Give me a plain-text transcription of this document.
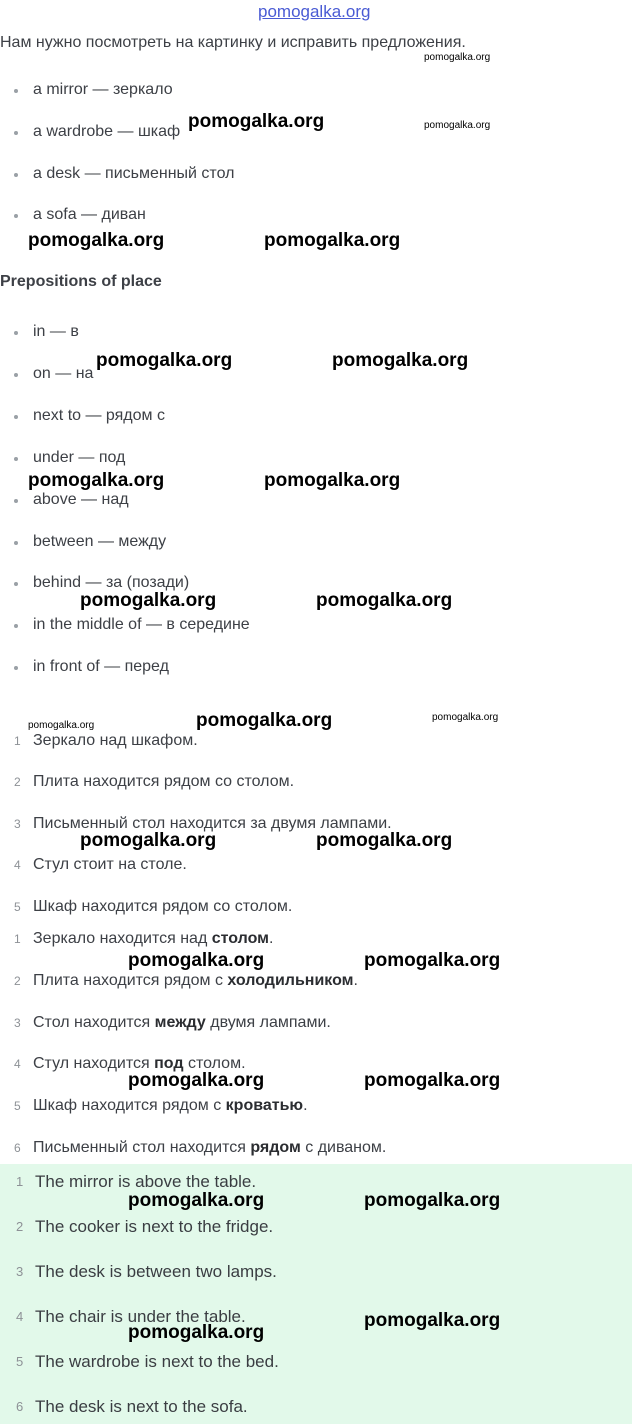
pomogalka.org
Нам нужно посмотреть на картинку и исправить предложения.
a mirror — зеркало
a wardrobe — шкаф
a desk — письменный стол
a sofa — диван
Prepositions of place
in — в
on — на
next to — рядом с
under — под
above — над
between — между
behind — за (позади)
in the middle of — в середине
in front of — перед
1 Зеркало над шкафом.
2 Плита находится рядом со столом.
3 Письменный стол находится за двумя лампами.
4 Стул стоит на столе.
5 Шкаф находится рядом со столом.
1 Зеркало находится над столом.
2 Плита находится рядом с холодильником.
3 Стол находится между двумя лампами.
4 Стул находится под столом.
5 Шкаф находится рядом с кроватью.
6 Письменный стол находится рядом с диваном.
1 The mirror is above the table.
2 The cooker is next to the fridge.
3 The desk is between two lamps.
4 The chair is under the table.
5 The wardrobe is next to the bed.
6 The desk is next to the sofa.
pomogalka.org
pomogalka.org	pomogalka.org
pomogalka.org	pomogalka.org
pomogalka.org	pomogalka.org
pomogalka.org	pomogalka.org
pomogalka.org	pomogalka.org
pomogalka.org	pomogalka.org	pomogalka.org
pomogalka.org	pomogalka.org
pomogalka.org	pomogalka.org
pomogalka.org	pomogalka.org
pomogalka.org	pomogalka.org
pomogalka.org
pomogalka.org
